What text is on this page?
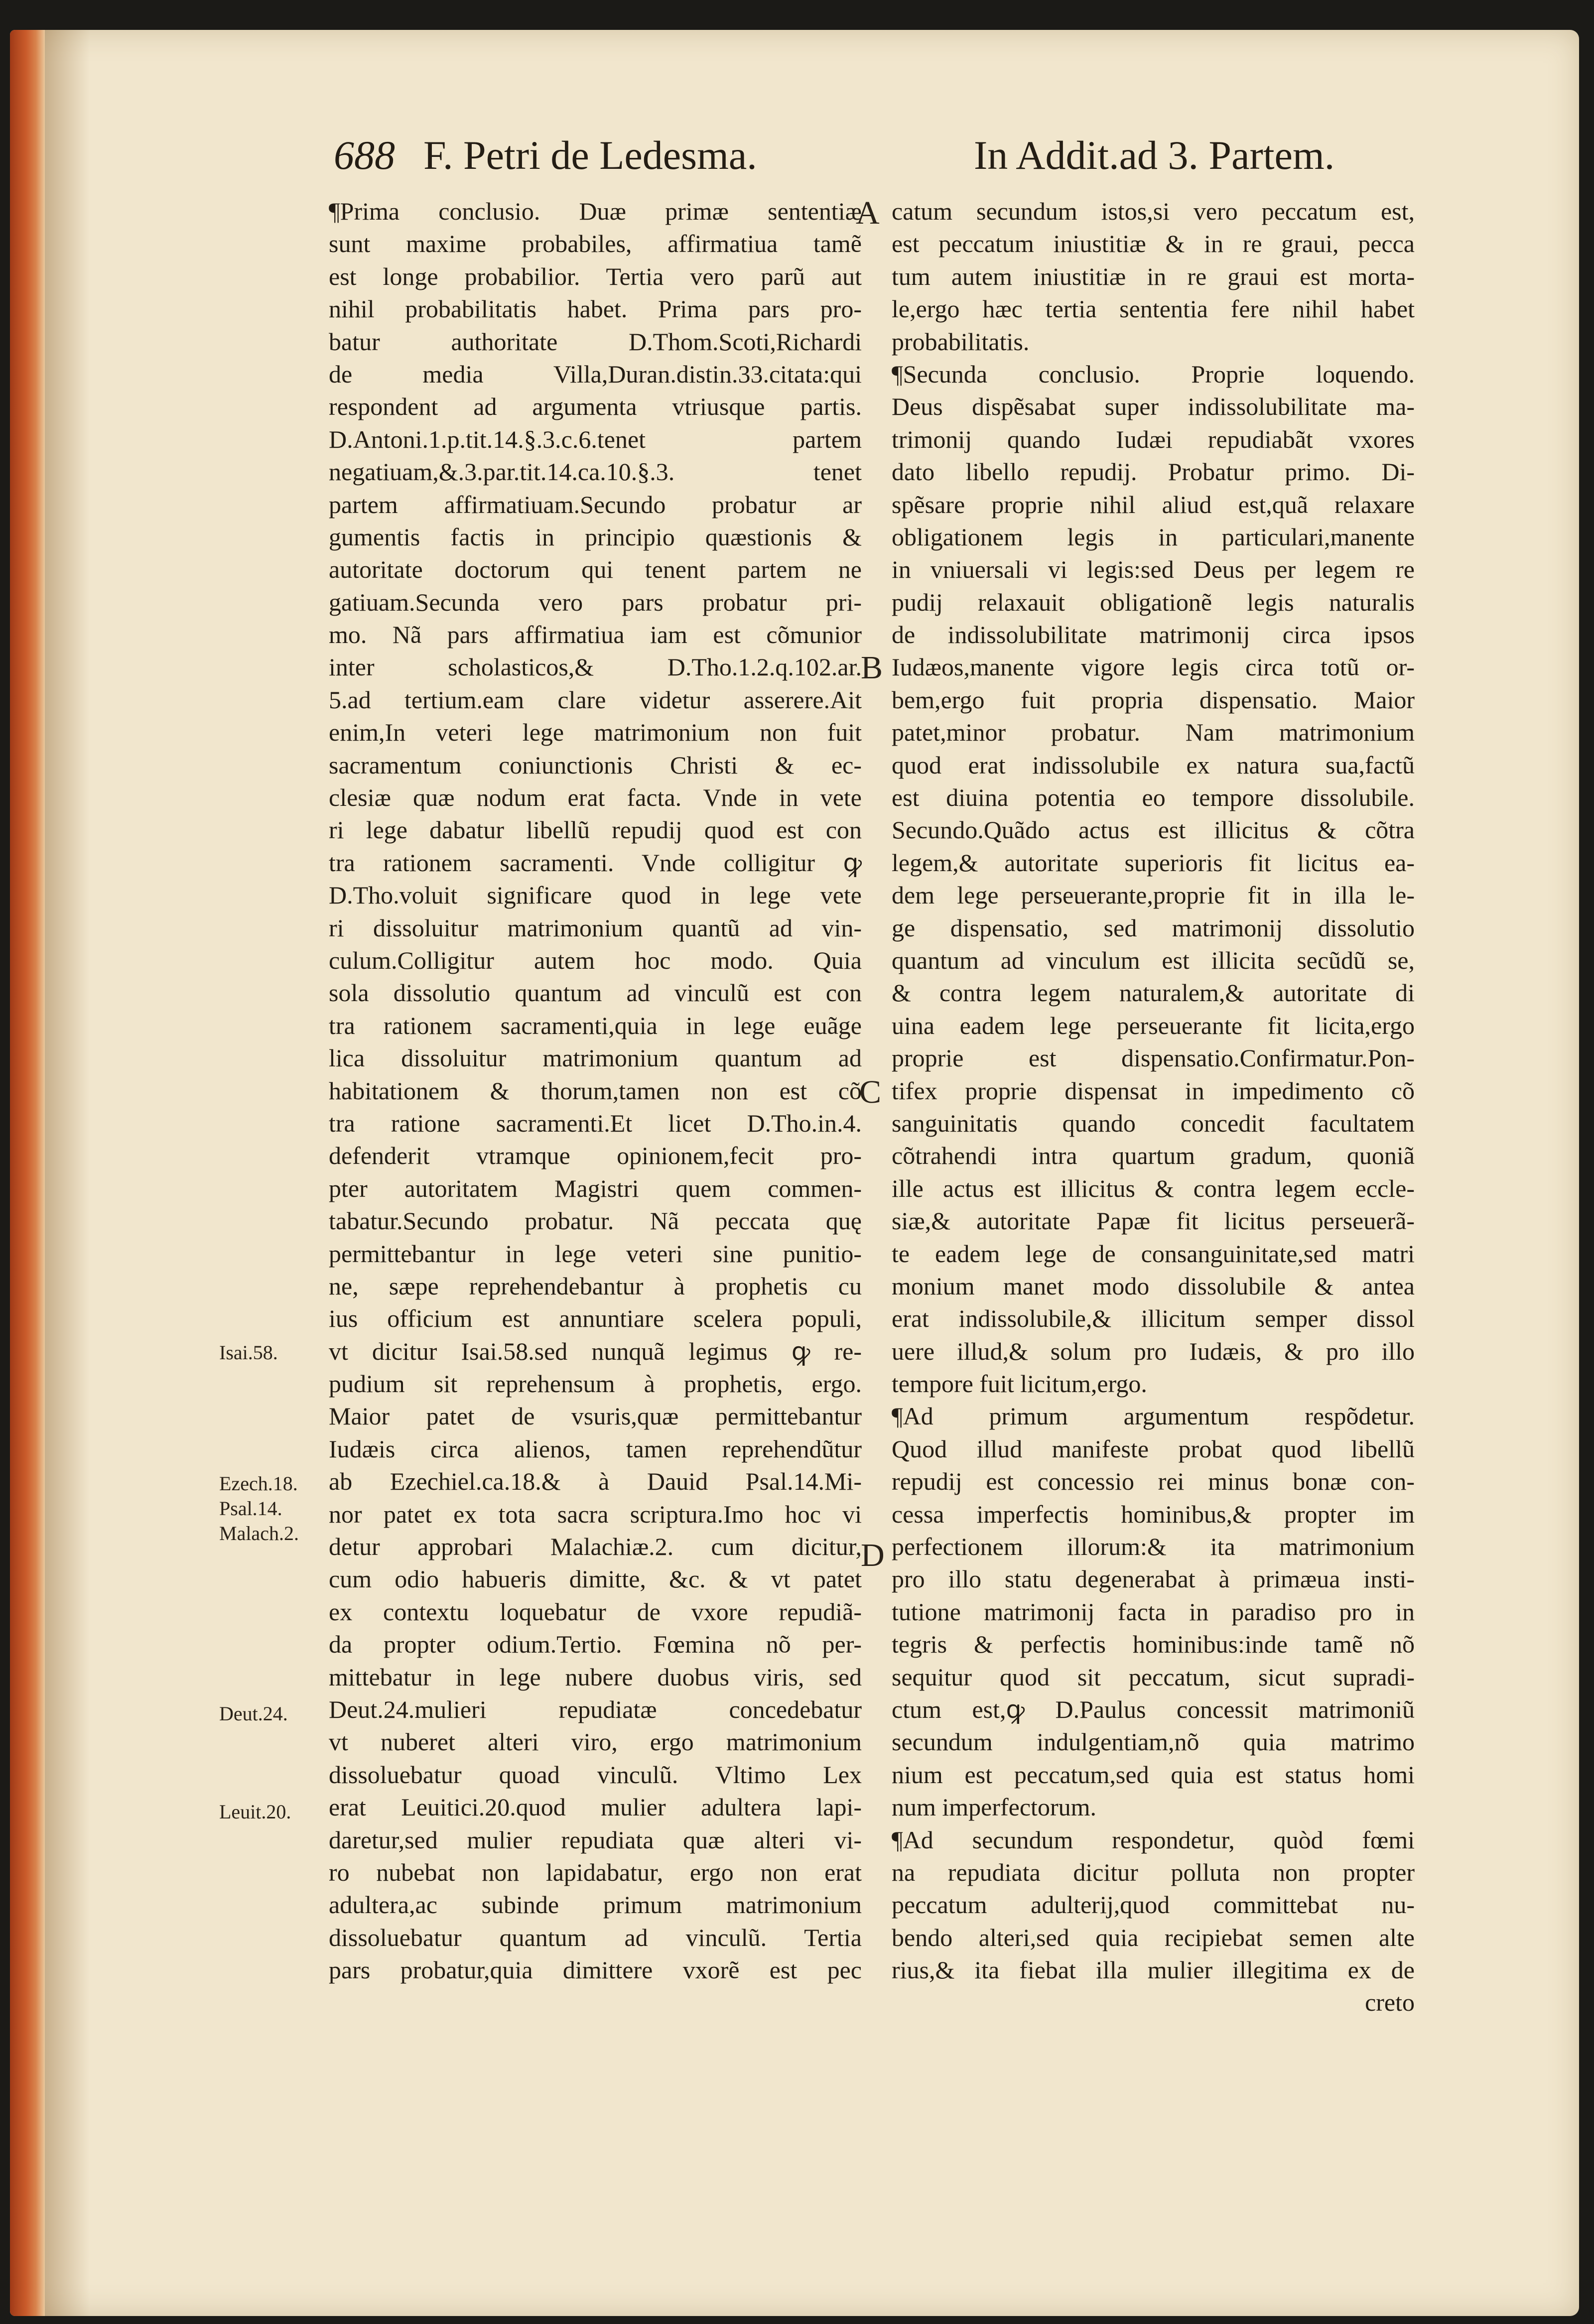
688 F. Petri de Ledesma.	In Addit.ad 3. Partem.
¶Prima conclusio. Duæ primæ sententiæ
sunt maxime probabiles, affirmatiua tamẽ
est longe probabilior. Tertia vero parũ aut
nihil probabilitatis habet. Prima pars pro-
batur authoritate D.Thom.Scoti,Richardi
de media Villa,Duran.distin.33.citata:qui
respondent ad argumenta vtriusque partis.
D.Antoni.1.p.tit.14.§.3.c.6.tenet partem
negatiuam,&.3.par.tit.14.ca.10.§.3. tenet
partem affirmatiuam.Secundo probatur ar
gumentis factis in principio quæstionis &
autoritate doctorum qui tenent partem ne
gatiuam.Secunda vero pars probatur pri-
mo. Nã pars affirmatiua iam est cõmunior
inter scholasticos,& D.Tho.1.2.q.102.ar.
5.ad tertium.eam clare videtur asserere.Ait
enim,In veteri lege matrimonium non fuit
sacramentum coniunctionis Christi & ec-
clesiæ quæ nodum erat facta. Vnde in vete
ri lege dabatur libellũ repudij quod est con
tra rationem sacramenti. Vnde colligitur ꝙ
D.Tho.voluit significare quod in lege vete
ri dissoluitur matrimonium quantũ ad vin-
culum.Colligitur autem hoc modo. Quia
sola dissolutio quantum ad vinculũ est con
tra rationem sacramenti,quia in lege euãge
lica dissoluitur matrimonium quantum ad
habitationem & thorum,tamen non est cõ
tra ratione sacramenti.Et licet D.Tho.in.4.
defenderit vtramque opinionem,fecit pro-
pter autoritatem Magistri quem commen-
tabatur.Secundo probatur. Nã peccata quę
permittebantur in lege veteri sine punitio-
ne, sæpe reprehendebantur à prophetis cu
ius officium est annuntiare scelera populi,
vt dicitur Isai.58.sed nunquã legimus ꝙ re-
pudium sit reprehensum à prophetis, ergo.
Maior patet de vsuris,quæ permittebantur
Iudæis circa alienos, tamen reprehendũtur
ab Ezechiel.ca.18.& à Dauid Psal.14.Mi-
nor patet ex tota sacra scriptura.Imo hoc vi
detur approbari Malachiæ.2. cum dicitur,
cum odio habueris dimitte, &c. & vt patet
ex contextu loquebatur de vxore repudiã-
da propter odium.Tertio. Fœmina nõ per-
mittebatur in lege nubere duobus viris, sed
Deut.24.mulieri repudiatæ concedebatur
vt nuberet alteri viro, ergo matrimonium
dissoluebatur quoad vinculũ. Vltimo Lex
erat Leuitici.20.quod mulier adultera lapi-
daretur,sed mulier repudiata quæ alteri vi-
ro nubebat non lapidabatur, ergo non erat
adultera,ac subinde primum matrimonium
dissoluebatur quantum ad vinculũ. Tertia
pars probatur,quia dimittere vxorẽ est pec
catum secundum istos,si vero peccatum est,
est peccatum iniustitiæ & in re graui, pecca
tum autem iniustitiæ in re graui est morta-
le,ergo hæc tertia sententia fere nihil habet
probabilitatis.
¶Secunda conclusio. Proprie loquendo.
Deus dispẽsabat super indissolubilitate ma-
trimonij quando Iudæi repudiabãt vxores
dato libello repudij. Probatur primo. Di-
spẽsare proprie nihil aliud est,quã relaxare
obligationem legis in particulari,manente
in vniuersali vi legis:sed Deus per legem re
pudij relaxauit obligationẽ legis naturalis
de indissolubilitate matrimonij circa ipsos
Iudæos,manente vigore legis circa totũ or-
bem,ergo fuit propria dispensatio. Maior
patet,minor probatur. Nam matrimonium
quod erat indissolubile ex natura sua,factũ
est diuina potentia eo tempore dissolubile.
Secundo.Quãdo actus est illicitus & cõtra
legem,& autoritate superioris fit licitus ea-
dem lege perseuerante,proprie fit in illa le-
ge dispensatio, sed matrimonij dissolutio
quantum ad vinculum est illicita secũdũ se,
& contra legem naturalem,& autoritate di
uina eadem lege perseuerante fit licita,ergo
proprie est dispensatio.Confirmatur.Pon-
tifex proprie dispensat in impedimento cõ
sanguinitatis quando concedit facultatem
cõtrahendi intra quartum gradum, quoniã
ille actus est illicitus & contra legem eccle-
siæ,& autoritate Papæ fit licitus perseuerã-
te eadem lege de consanguinitate,sed matri
monium manet modo dissolubile & antea
erat indissolubile,& illicitum semper dissol
uere illud,& solum pro Iudæis, & pro illo
tempore fuit licitum,ergo.
¶Ad primum argumentum respõdetur.
Quod illud manifeste probat quod libellũ
repudij est concessio rei minus bonæ con-
cessa imperfectis hominibus,& propter im
perfectionem illorum:& ita matrimonium
pro illo statu degenerabat à primæua insti-
tutione matrimonij facta in paradiso pro in
tegris & perfectis hominibus:inde tamẽ nõ
sequitur quod sit peccatum, sicut supradi-
ctum est,ꝙ D.Paulus concessit matrimoniũ
secundum indulgentiam,nõ quia matrimo
nium est peccatum,sed quia est status homi
num imperfectorum.
¶Ad secundum respondetur, quòd fœmi
na repudiata dicitur polluta non propter
peccatum adulterij,quod committebat nu-
bendo alteri,sed quia recipiebat semen alte
rius,& ita fiebat illa mulier illegitima ex de
creto
A
B
C
D
Isai.58.
Ezech.18.
Psal.14.
Malach.2.
Deut.24.
Leuit.20.
